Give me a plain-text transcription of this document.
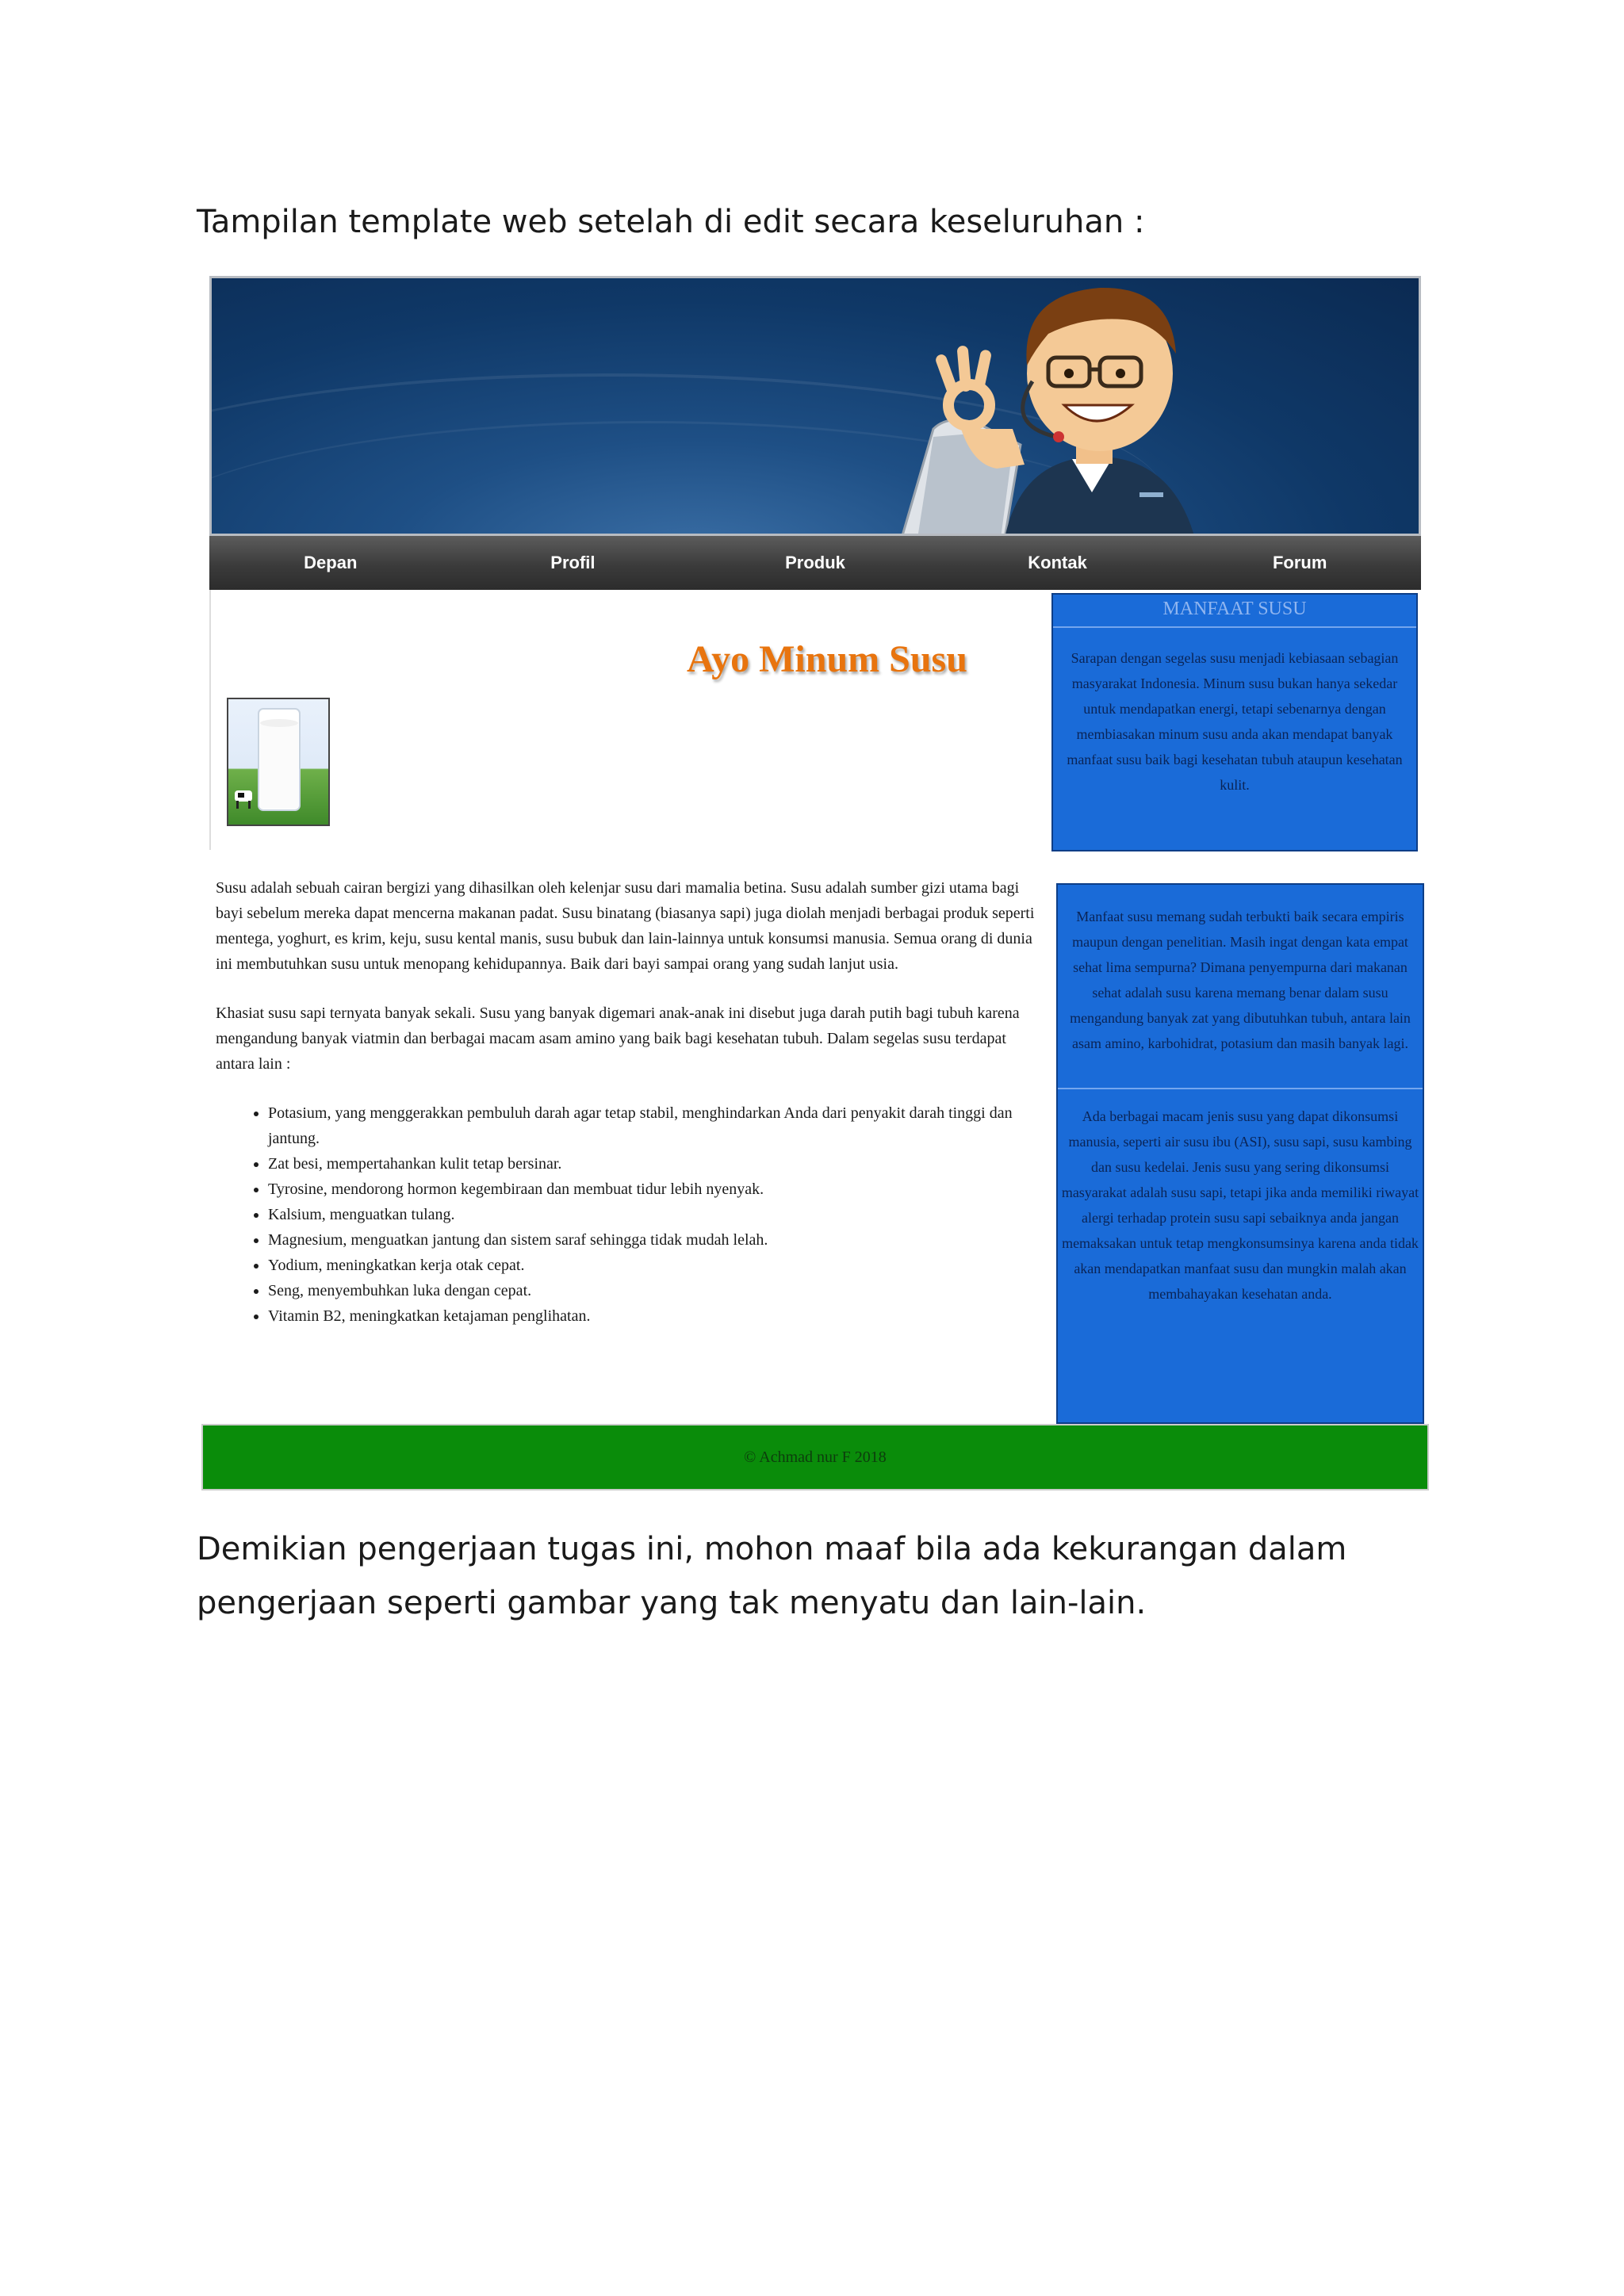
Tampilan template web setelah di edit secara keseluruhan :

Depan	Profil	Produk	Kontak	Forum
Ayo Minum Susu
MANFAAT SUSU
Sarapan dengan segelas susu menjadi kebiasaan sebagian masyarakat Indonesia. Minum susu bukan hanya sekedar untuk mendapatkan energi, tetapi sebenarnya dengan membiasakan minum susu anda akan mendapat banyak manfaat susu baik bagi kesehatan tubuh ataupun kesehatan kulit.

Susu adalah sebuah cairan bergizi yang dihasilkan oleh kelenjar susu dari mamalia betina. Susu adalah sumber gizi utama bagi bayi sebelum mereka dapat mencerna makanan padat. Susu binatang (biasanya sapi) juga diolah menjadi berbagai produk seperti mentega, yoghurt, es krim, keju, susu kental manis, susu bubuk dan lain-lainnya untuk konsumsi manusia. Semua orang di dunia ini membutuhkan susu untuk menopang kehidupannya. Baik dari bayi sampai orang yang sudah lanjut usia.

Khasiat susu sapi ternyata banyak sekali. Susu yang banyak digemari anak-anak ini disebut juga darah putih bagi tubuh karena mengandung banyak viatmin dan berbagai macam asam amino yang baik bagi kesehatan tubuh. Dalam segelas susu terdapat antara lain :

• Potasium, yang menggerakkan pembuluh darah agar tetap stabil, menghindarkan Anda dari penyakit darah tinggi dan jantung.
• Zat besi, mempertahankan kulit tetap bersinar.
• Tyrosine, mendorong hormon kegembiraan dan membuat tidur lebih nyenyak.
• Kalsium, menguatkan tulang.
• Magnesium, menguatkan jantung dan sistem saraf sehingga tidak mudah lelah.
• Yodium, meningkatkan kerja otak cepat.
• Seng, menyembuhkan luka dengan cepat.
• Vitamin B2, meningkatkan ketajaman penglihatan.
Manfaat susu memang sudah terbukti baik secara empiris maupun dengan penelitian. Masih ingat dengan kata empat sehat lima sempurna? Dimana penyempurna dari makanan sehat adalah susu karena memang benar dalam susu mengandung banyak zat yang dibutuhkan tubuh, antara lain asam amino, karbohidrat, potasium dan masih banyak lagi.
Ada berbagai macam jenis susu yang dapat dikonsumsi manusia, seperti air susu ibu (ASI), susu sapi, susu kambing dan susu kedelai. Jenis susu yang sering dikonsumsi masyarakat adalah susu sapi, tetapi jika anda memiliki riwayat alergi terhadap protein susu sapi sebaiknya anda jangan memaksakan untuk tetap mengkonsumsinya karena anda tidak akan mendapatkan manfaat susu dan mungkin malah akan membahayakan kesehatan anda.
© Achmad nur F 2018

Demikian pengerjaan tugas ini, mohon maaf bila ada kekurangan dalam pengerjaan seperti gambar yang tak menyatu dan lain-lain.
